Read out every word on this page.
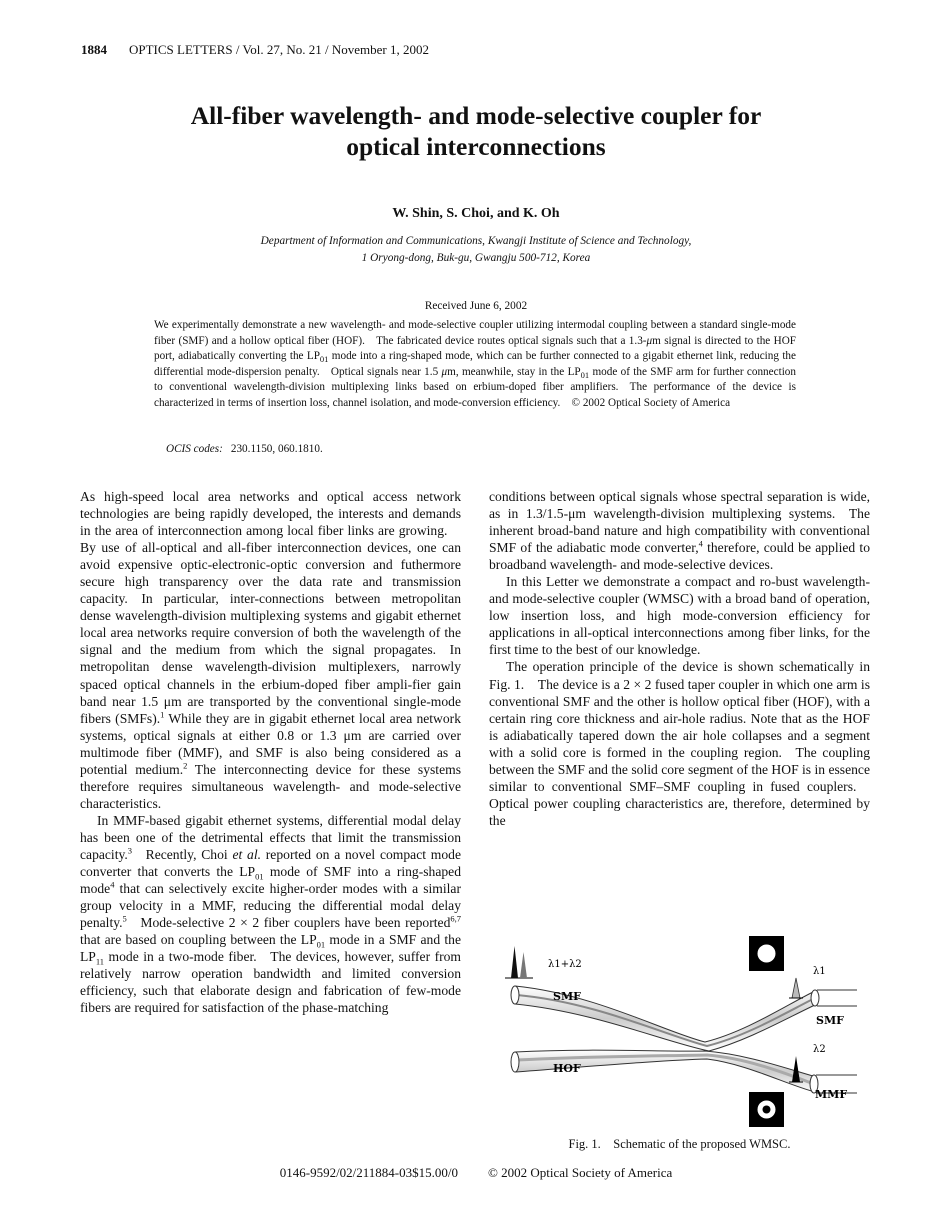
1884 OPTICS LETTERS / Vol. 27, No. 21 / November 1, 2002
All-fiber wavelength- and mode-selective coupler for
optical interconnections
W. Shin, S. Choi, and K. Oh
Department of Information and Communications, Kwangji Institute of Science and Technology,
1 Oryong-dong, Buk-gu, Gwangju 500-712, Korea
Received June 6, 2002
We experimentally demonstrate a new wavelength- and mode-selective coupler utilizing intermodal coupling between a standard single-mode fiber (SMF) and a hollow optical fiber (HOF). The fabricated device routes optical signals such that a 1.3-μm signal is directed to the HOF port, adiabatically converting the $LP_{01}$ mode into a ring-shaped mode, which can be further connected to a gigabit ethernet link, reducing the differential mode-dispersion penalty. Optical signals near 1.5 μm, meanwhile, stay in the $LP_{01}$ mode of the SMF arm for further connection to conventional wavelength-division multiplexing links based on erbium-doped fiber amplifiers. The performance of the device is characterized in terms of insertion loss, channel isolation, and mode-conversion efficiency. © 2002 Optical Society of America
OCIS codes: 230.1150, 060.1810.

As high-speed local area networks and optical access network technologies are being rapidly developed, the interests and demands in the area of interconnection among local fiber links are growing. By use of all-optical and all-fiber interconnection devices, one can avoid expensive optic-electronic-optic conversion and futhermore secure high transparency over the data rate and transmission capacity. In particular, inter-connections between metropolitan dense wavelength-division multiplexing systems and gigabit ethernet local area networks require conversion of both the wavelength of the signal and the medium from which the signal propagates. In metropolitan dense wavelength-division multiplexers, narrowly spaced optical channels in the erbium-doped fiber ampli-fier gain band near 1.5 μm are transported by the conventional single-mode fibers (SMFs).$^1$ While they are in gigabit ethernet local area network systems, optical signals at either 0.8 or 1.3 μm are carried over multimode fiber (MMF), and SMF is also being considered as a potential medium.$^2$ The interconnecting device for these systems therefore requires simultaneous wavelength- and mode-selective characteristics.

In MMF-based gigabit ethernet systems, differential modal delay has been one of the detrimental effects that limit the transmission capacity.$^3$ Recently, Choi et al. reported on a novel compact mode converter that converts the $LP_{01}$ mode of SMF into a ring-shaped mode$^4$ that can selectively excite higher-order modes with a similar group velocity in a MMF, reducing the differential modal delay penalty.$^5$ Mode-selective 2 × 2 fiber couplers have been reported$^{6,7}$ that are based on coupling between the $LP_{01}$ mode in a SMF and the $LP_{11}$ mode in a two-mode fiber. The devices, however, suffer from relatively narrow operation bandwidth and limited conversion efficiency, such that elaborate design and fabrication of few-mode fibers are required for satisfaction of the phase-matching

conditions between optical signals whose spectral separation is wide, as in 1.3/1.5-μm wavelength-division multiplexing systems. The inherent broad-band nature and high compatibility with conventional SMF of the adiabatic mode converter,$^4$ therefore, could be applied to broadband wavelength- and mode-selective devices.

In this Letter we demonstrate a compact and ro-bust wavelength- and mode-selective coupler (WMSC) with a broad band of operation, low insertion loss, and high mode-conversion efficiency for applications in all-optical interconnections among fiber links, for the first time to the best of our knowledge.

The operation principle of the device is shown schematically in Fig. 1. The device is a 2 × 2 fused taper coupler in which one arm is conventional SMF and the other is hollow optical fiber (HOF), with a certain ring core thickness and air-hole radius. Note that as the HOF is adiabatically tapered down the air hole collapses and a segment with a solid core is formed in the coupling region. The coupling between the SMF and the solid core segment of the HOF is in essence similar to conventional SMF–SMF coupling in fused couplers. Optical power coupling characteristics are, therefore, determined by the

λ1+λ2
SMF
HOF
λ1
SMF
λ2
MMF
Fig. 1. Schematic of the proposed WMSC.
0146-9592/02/211884-03$15.00/0 © 2002 Optical Society of America
